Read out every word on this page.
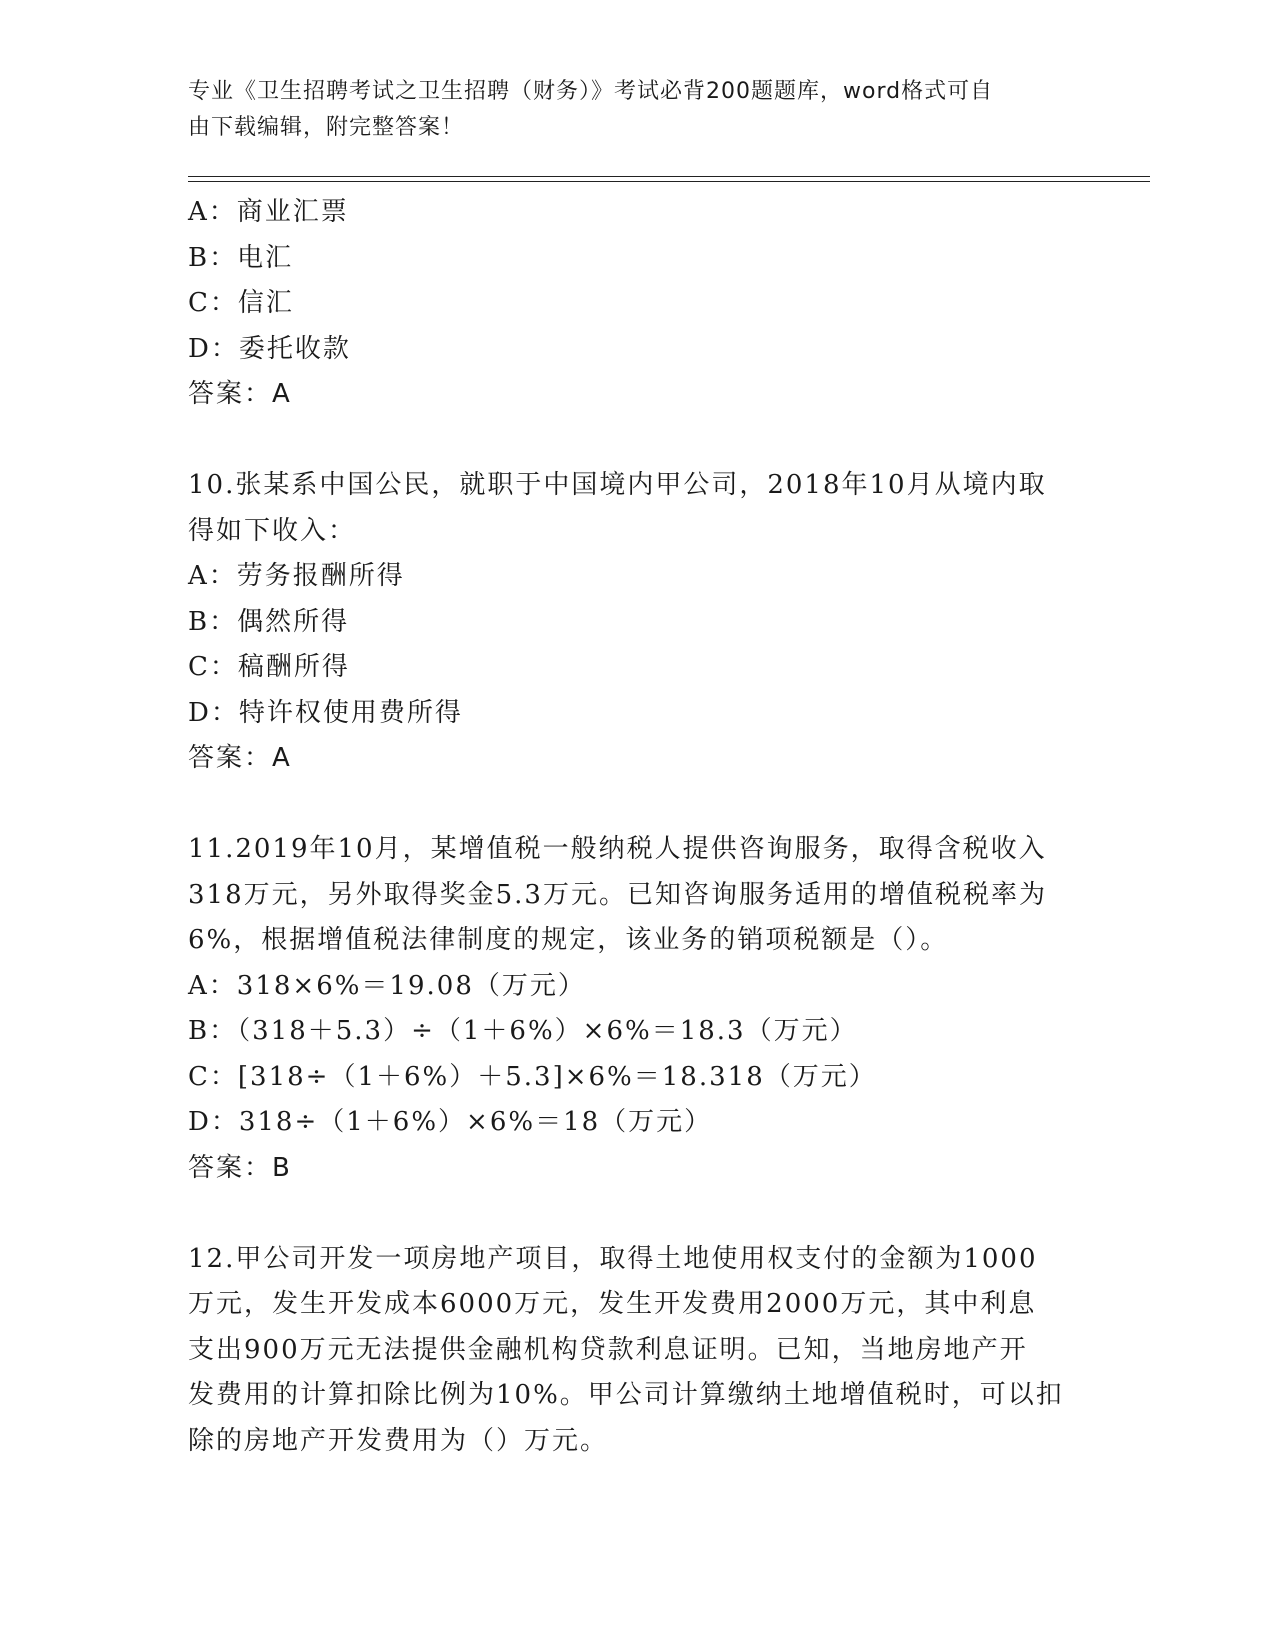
专业《卫生招聘考试之卫生招聘（财务）》考试必背200题题库，word格式可自
由下载编辑，附完整答案！

A：商业汇票

B：电汇

C：信汇

D：委托收款

答案：A

10.张某系中国公民，就职于中国境内甲公司，2018年10月从境内取

得如下收入：

A：劳务报酬所得

B：偶然所得

C：稿酬所得

D：特许权使用费所得

答案：A

11.2019年10月，某增值税一般纳税人提供咨询服务，取得含税收入

318万元，另外取得奖金5.3万元。已知咨询服务适用的增值税税率为

6%，根据增值税法律制度的规定，该业务的销项税额是（）。

A：318×6%＝19.08（万元）

B：（318＋5.3）÷（1＋6%）×6%＝18.3（万元）

C：[318÷（1＋6%）＋5.3]×6%＝18.318（万元）

D：318÷（1＋6%）×6%＝18（万元）

答案：B

12.甲公司开发一项房地产项目，取得土地使用权支付的金额为1000

万元，发生开发成本6000万元，发生开发费用2000万元，其中利息

支出900万元无法提供金融机构贷款利息证明。已知，当地房地产开

发费用的计算扣除比例为10%。甲公司计算缴纳土地增值税时，可以扣

除的房地产开发费用为（）万元。
